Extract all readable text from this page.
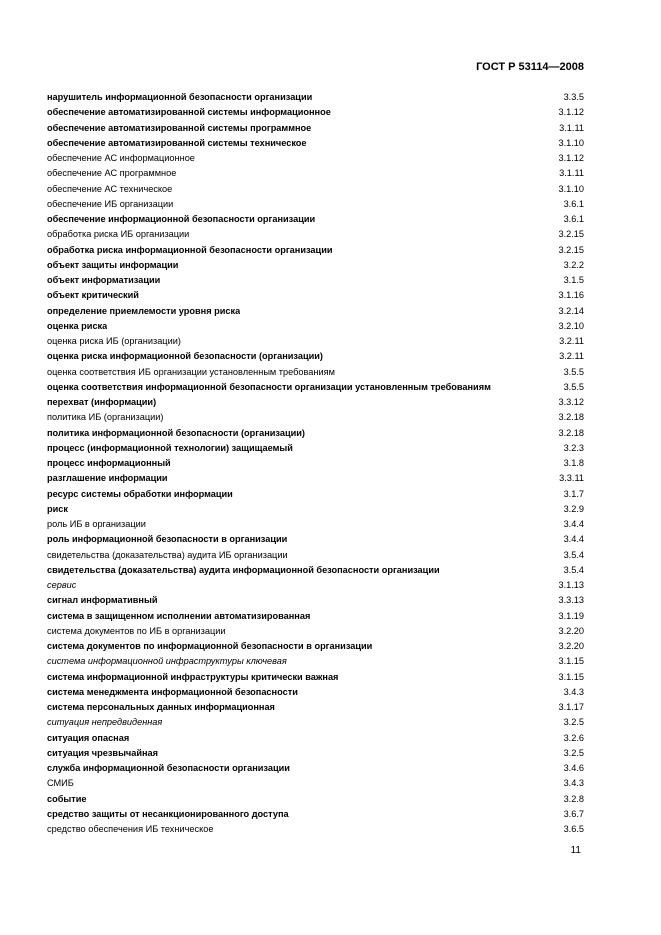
ГОСТ Р 53114—2008
нарушитель информационной безопасности организации	3.3.5
обеспечение автоматизированной системы информационное	3.1.12
обеспечение автоматизированной системы программное	3.1.11
обеспечение автоматизированной системы техническое	3.1.10
обеспечение АС информационное	3.1.12
обеспечение АС программное	3.1.11
обеспечение АС техническое	3.1.10
обеспечение ИБ организации	3.6.1
обеспечение информационной безопасности организации	3.6.1
обработка риска ИБ организации	3.2.15
обработка риска информационной безопасности организации	3.2.15
объект защиты информации	3.2.2
объект информатизации	3.1.5
объект критический	3.1.16
определение приемлемости уровня риска	3.2.14
оценка риска	3.2.10
оценка риска ИБ (организации)	3.2.11
оценка риска информационной безопасности (организации)	3.2.11
оценка соответствия ИБ организации установленным требованиям	3.5.5
оценка соответствия информационной безопасности организации установленным требованиям	3.5.5
перехват (информации)	3.3.12
политика ИБ (организации)	3.2.18
политика информационной безопасности (организации)	3.2.18
процесс (информационной технологии) защищаемый	3.2.3
процесс информационный	3.1.8
разглашение информации	3.3.11
ресурс системы обработки информации	3.1.7
риск	3.2.9
роль ИБ в организации	3.4.4
роль информационной безопасности в организации	3.4.4
свидетельства (доказательства) аудита ИБ организации	3.5.4
свидетельства (доказательства) аудита информационной безопасности организации	3.5.4
сервис	3.1.13
сигнал информативный	3.3.13
система в защищенном исполнении автоматизированная	3.1.19
система документов по ИБ в организации	3.2.20
система документов по информационной безопасности в организации	3.2.20
система информационной инфраструктуры ключевая	3.1.15
система информационной инфраструктуры критически важная	3.1.15
система менеджмента информационной безопасности	3.4.3
система персональных данных информационная	3.1.17
ситуация непредвиденная	3.2.5
ситуация опасная	3.2.6
ситуация чрезвычайная	3.2.5
служба информационной безопасности организации	3.4.6
СМИБ	3.4.3
событие	3.2.8
средство защиты от несанкционированного доступа	3.6.7
средство обеспечения ИБ техническое	3.6.5
11
